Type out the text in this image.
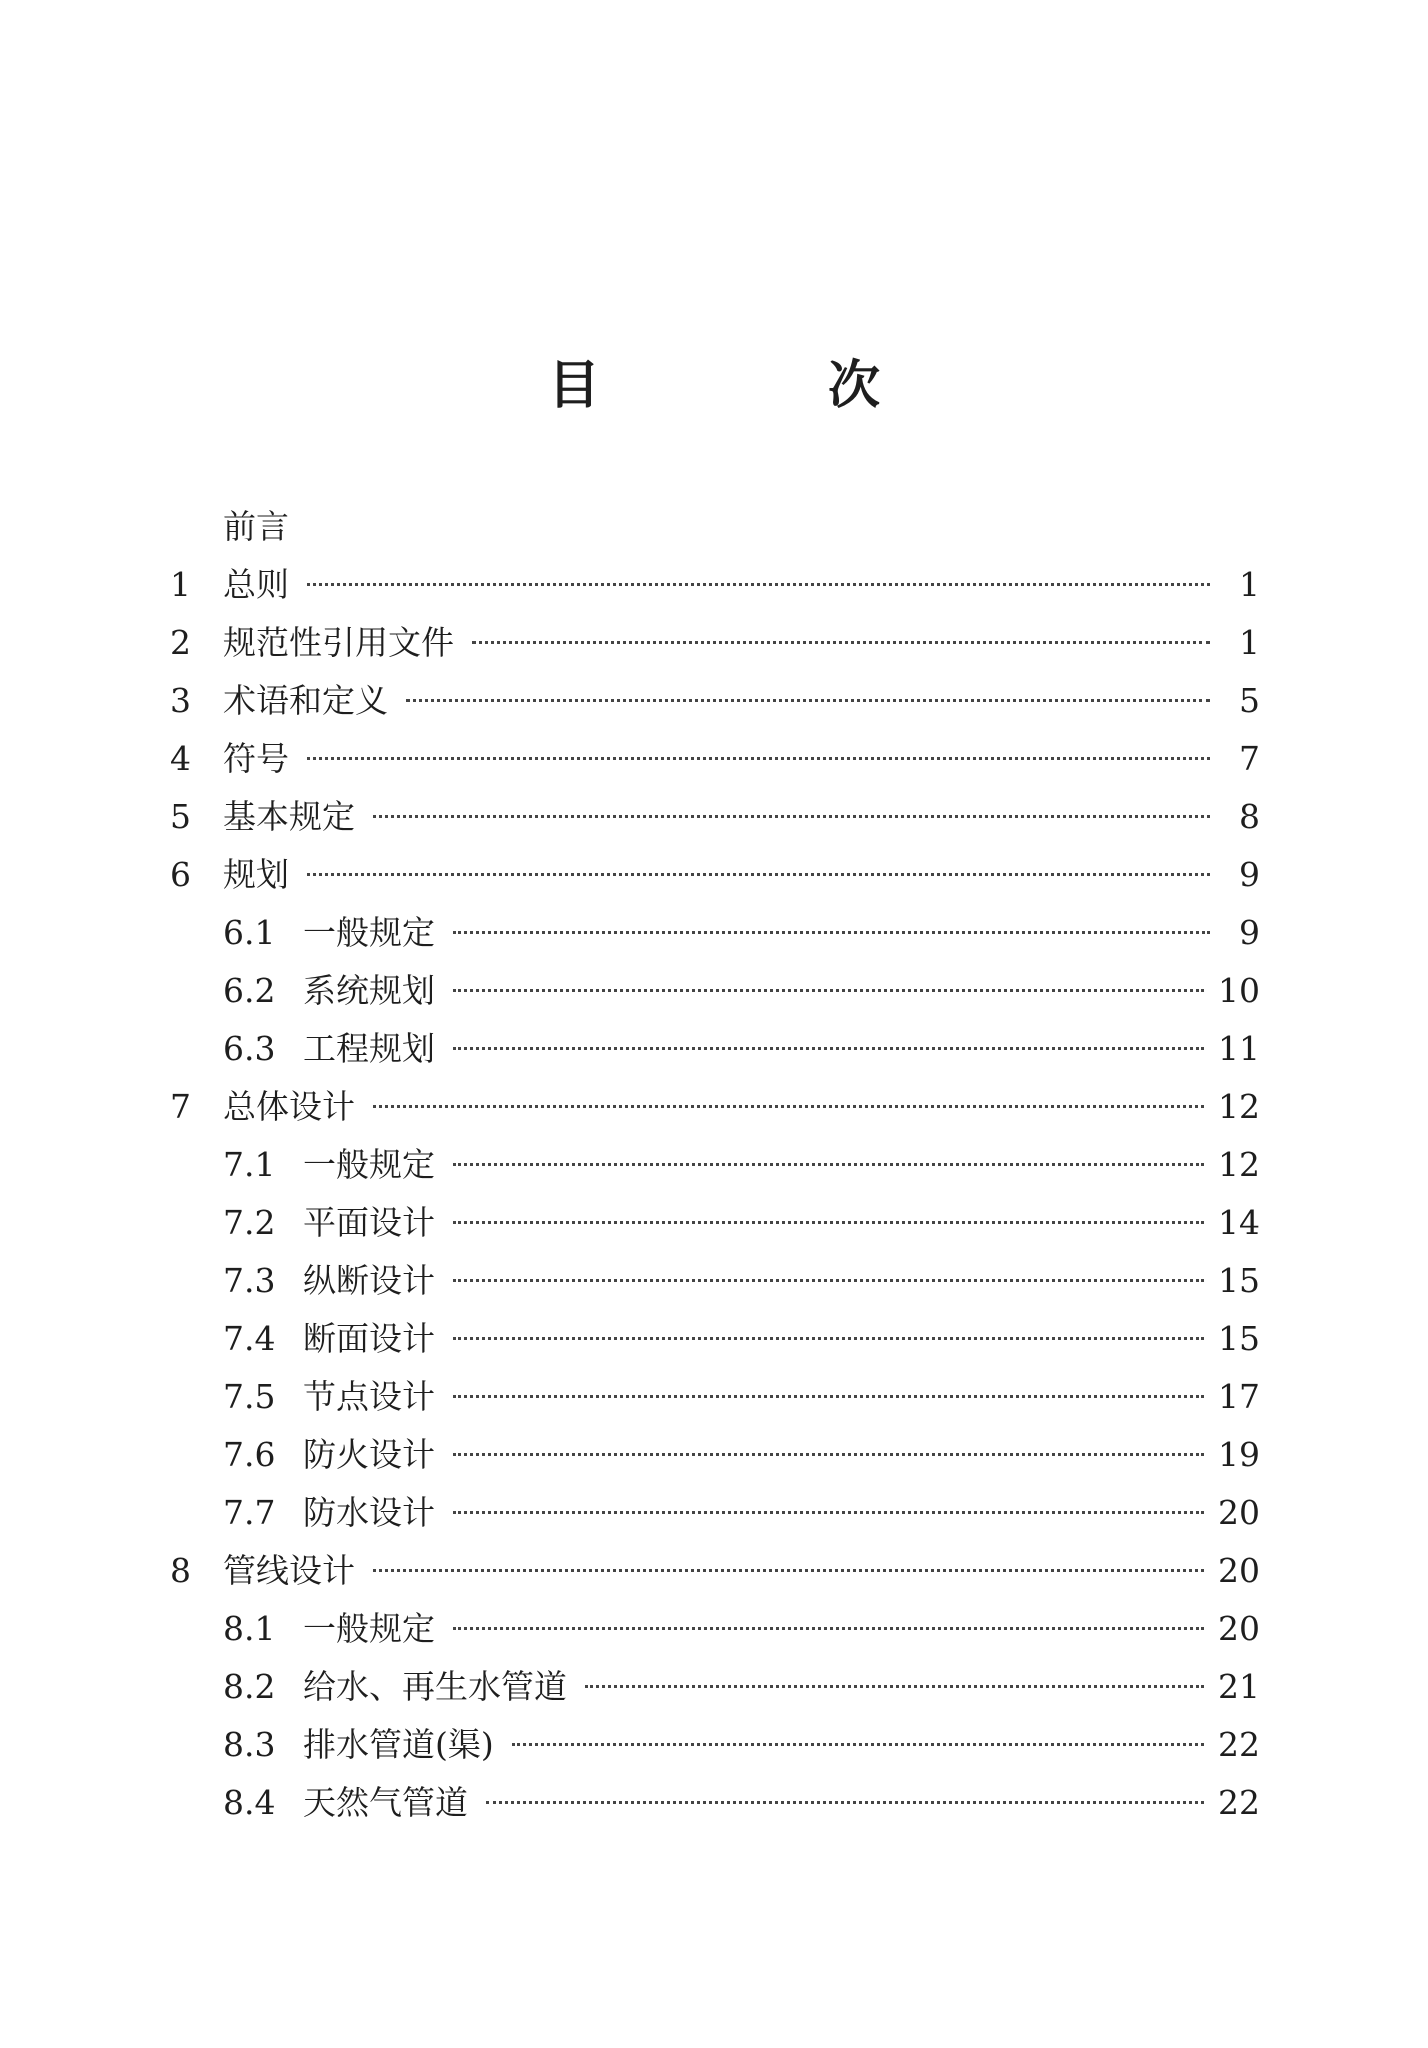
目　次
前言
1 总则	1
2 规范性引用文件	1
3 术语和定义	5
4 符号	7
5 基本规定	8
6 规划	9
6.1 一般规定	9
6.2 系统规划	10
6.3 工程规划	11
7 总体设计	12
7.1 一般规定	12
7.2 平面设计	14
7.3 纵断设计	15
7.4 断面设计	15
7.5 节点设计	17
7.6 防火设计	19
7.7 防水设计	20
8 管线设计	20
8.1 一般规定	20
8.2 给水、再生水管道	21
8.3 排水管道(渠)	22
8.4 天然气管道	22
